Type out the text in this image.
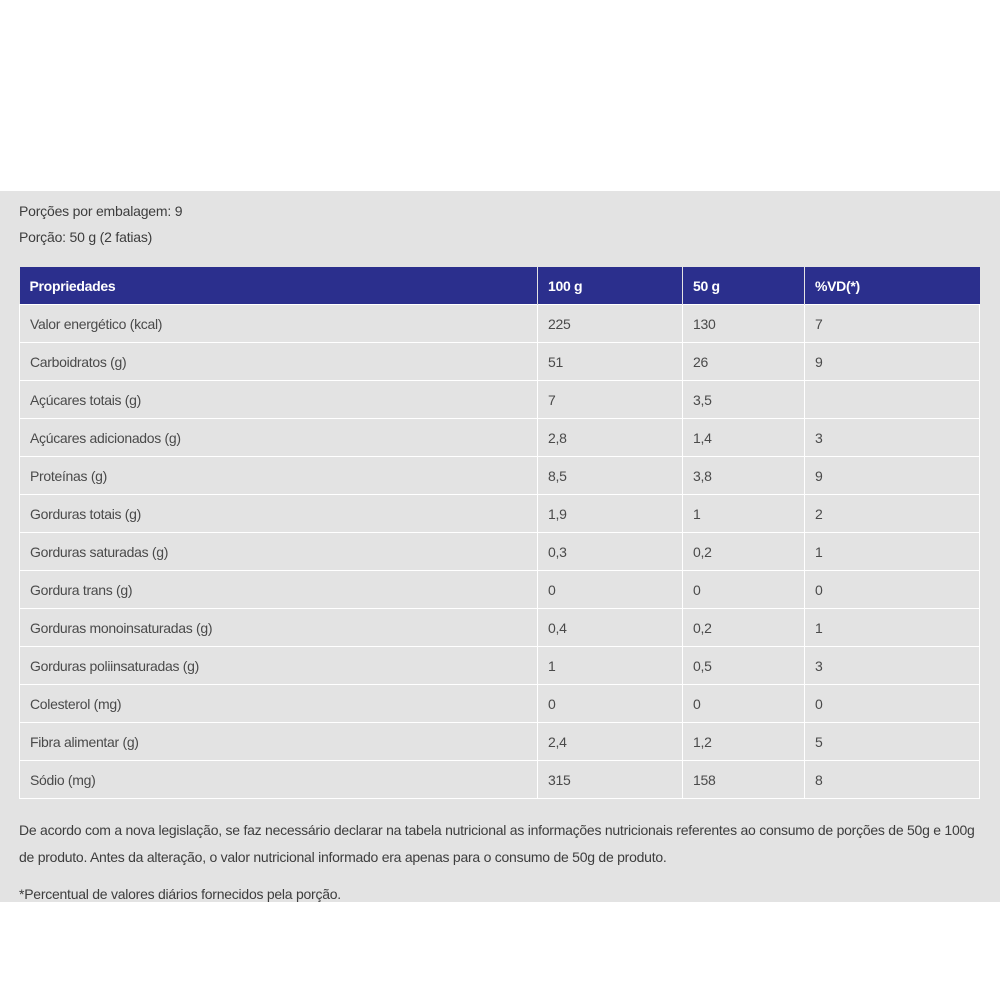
Porções por embalagem: 9
Porção: 50 g (2 fatias)
Propriedades	100 g	50 g	%VD(*)
Valor energético (kcal)	225	130	7
Carboidratos (g)	51	26	9
Açúcares totais (g)	7	3,5	
Açúcares adicionados (g)	2,8	1,4	3
Proteínas (g)	8,5	3,8	9
Gorduras totais (g)	1,9	1	2
Gorduras saturadas (g)	0,3	0,2	1
Gordura trans (g)	0	0	0
Gorduras monoinsaturadas (g)	0,4	0,2	1
Gorduras poliinsaturadas (g)	1	0,5	3
Colesterol (mg)	0	0	0
Fibra alimentar (g)	2,4	1,2	5
Sódio (mg)	315	158	8
De acordo com a nova legislação, se faz necessário declarar na tabela nutricional as informações nutricionais referentes ao consumo de porções de 50g e 100g de produto. Antes da alteração, o valor nutricional informado era apenas para o consumo de 50g de produto.
*Percentual de valores diários fornecidos pela porção.
